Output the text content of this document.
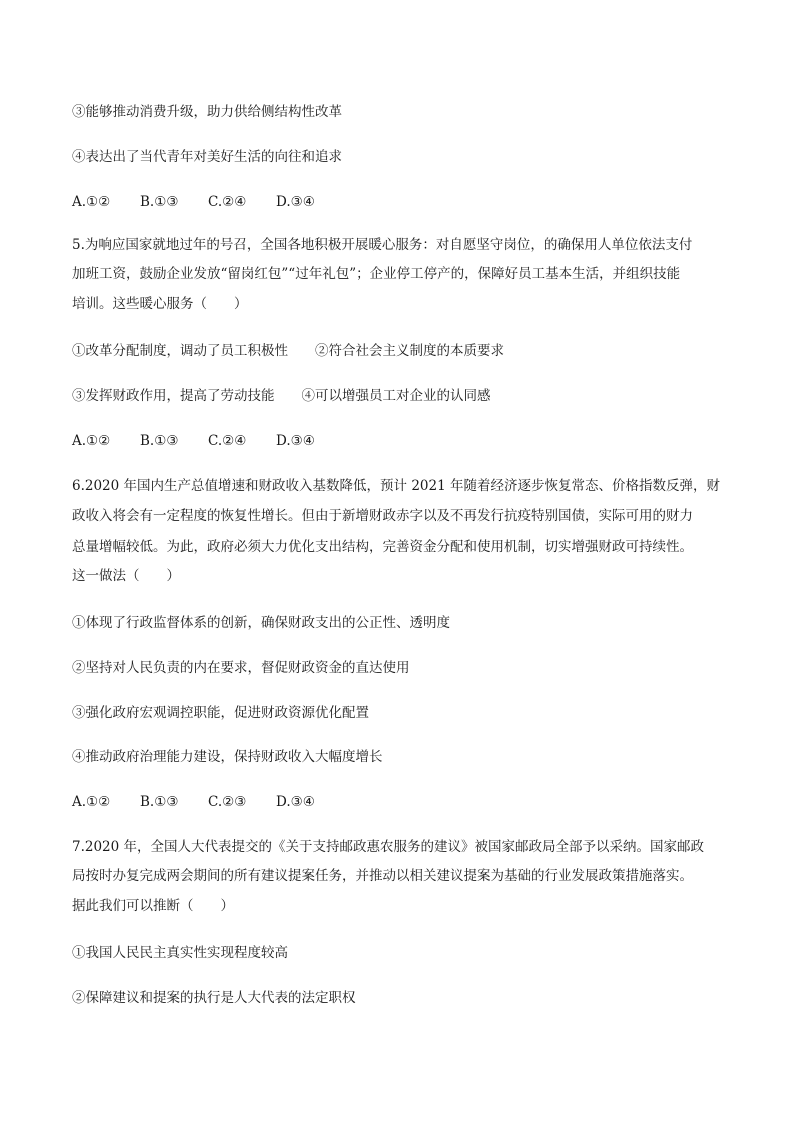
③能够推动消费升级，助力供给侧结构性改革
④表达出了当代青年对美好生活的向往和追求
A.①② B.①③ C.②④ D.③④
5.为响应国家就地过年的号召，全国各地积极开展暖心服务：对自愿坚守岗位，的确保用人单位依法支付
加班工资，鼓励企业发放“留岗红包”“过年礼包”；企业停工停产的，保障好员工基本生活，并组织技能
培训。这些暖心服务（　　）
①改革分配制度，调动了员工积极性　　②符合社会主义制度的本质要求
③发挥财政作用，提高了劳动技能　　④可以增强员工对企业的认同感
A.①② B.①③ C.②④ D.③④
6.2020 年国内生产总值增速和财政收入基数降低，预计 2021 年随着经济逐步恢复常态、价格指数反弹，财
政收入将会有一定程度的恢复性增长。但由于新增财政赤字以及不再发行抗疫特别国债，实际可用的财力
总量增幅较低。为此，政府必须大力优化支出结构，完善资金分配和使用机制，切实增强财政可持续性。
这一做法（　　）
①体现了行政监督体系的创新，确保财政支出的公正性、透明度
②坚持对人民负责的内在要求，督促财政资金的直达使用
③强化政府宏观调控职能，促进财政资源优化配置
④推动政府治理能力建设，保持财政收入大幅度增长
A.①② B.①③ C.②③ D.③④
7.2020 年，全国人大代表提交的《关于支持邮政惠农服务的建议》被国家邮政局全部予以采纳。国家邮政
局按时办复完成两会期间的所有建议提案任务，并推动以相关建议提案为基础的行业发展政策措施落实。
据此我们可以推断（　　）
①我国人民民主真实性实现程度较高
②保障建议和提案的执行是人大代表的法定职权
